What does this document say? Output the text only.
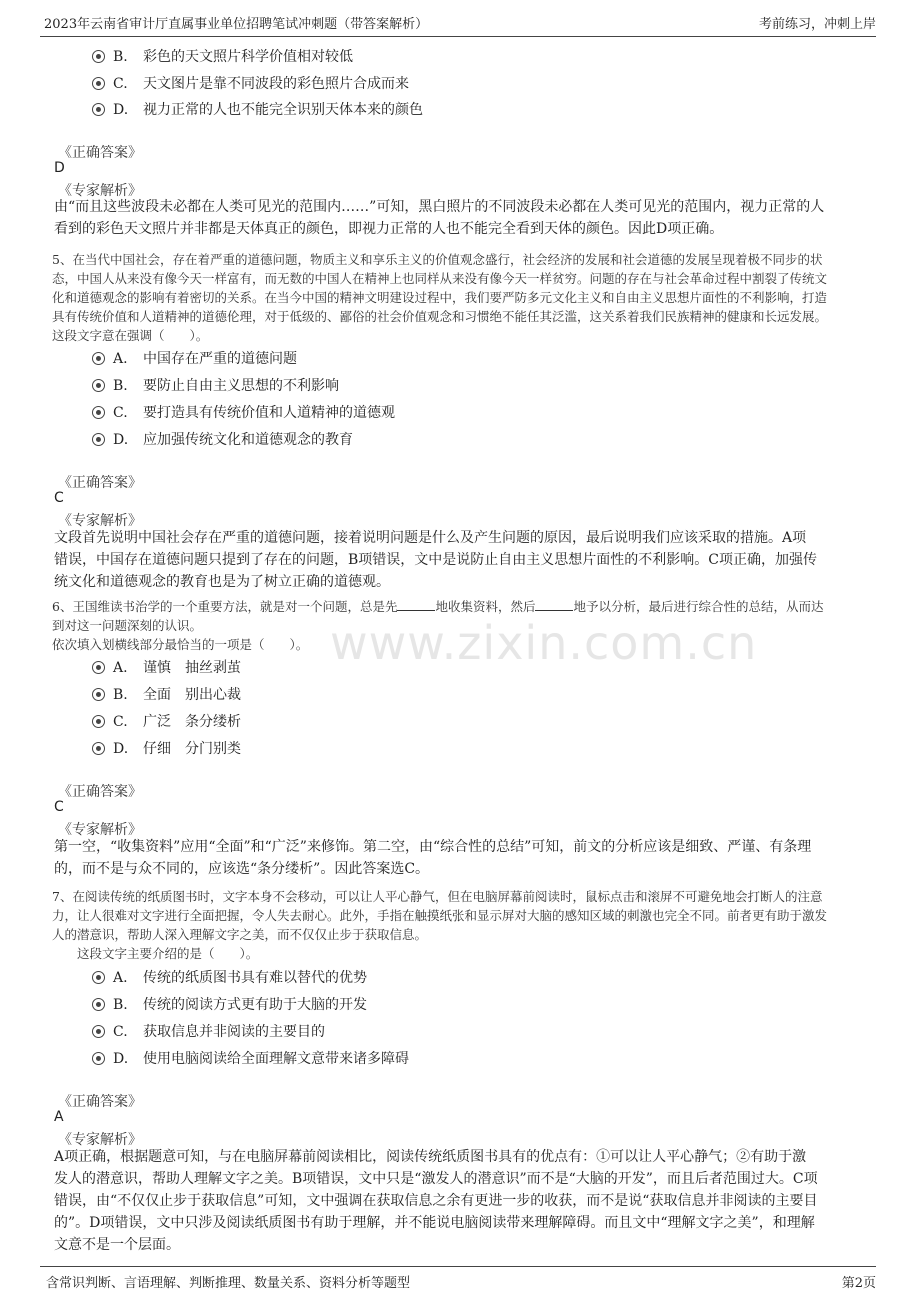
2023年云南省审计厅直属事业单位招聘笔试冲刺题（带答案解析）	考前练习，冲刺上岸
www.zixin.com.cn
B. 彩色的天文照片科学价值相对较低
C. 天文图片是靠不同波段的彩色照片合成而来
D. 视力正常的人也不能完全识别天体本来的颜色
《正确答案》
D
《专家解析》
由“而且这些波段未必都在人类可见光的范围内……”可知，黑白照片的不同波段未必都在人类可见光的范围内，视力正常的人
看到的彩色天文照片并非都是天体真正的颜色，即视力正常的人也不能完全看到天体的颜色。因此D项正确。
5、在当代中国社会，存在着严重的道德问题，物质主义和享乐主义的价值观念盛行，社会经济的发展和社会道德的发展呈现着极不同步的状
态，中国人从来没有像今天一样富有，而无数的中国人在精神上也同样从来没有像今天一样贫穷。问题的存在与社会革命过程中割裂了传统文
化和道德观念的影响有着密切的关系。在当今中国的精神文明建设过程中，我们要严防多元文化主义和自由主义思想片面性的不利影响，打造
具有传统价值和人道精神的道德伦理，对于低级的、鄙俗的社会价值观念和习惯绝不能任其泛滥，这关系着我们民族精神的健康和长远发展。
这段文字意在强调（　　）。
A. 中国存在严重的道德问题
B. 要防止自由主义思想的不利影响
C. 要打造具有传统价值和人道精神的道德观
D. 应加强传统文化和道德观念的教育
《正确答案》
C
《专家解析》
文段首先说明中国社会存在严重的道德问题，接着说明问题是什么及产生问题的原因，最后说明我们应该采取的措施。A项
错误，中国存在道德问题只提到了存在的问题，B项错误，文中是说防止自由主义思想片面性的不利影响。C项正确，加强传
统文化和道德观念的教育也是为了树立正确的道德观。
6、王国维读书治学的一个重要方法，就是对一个问题，总是先	地收集资料，然后	地予以分析，最后进行综合性的总结，从而达
到对这一问题深刻的认识。
依次填入划横线部分最恰当的一项是（　　）。
A. 谨慎　抽丝剥茧
B. 全面　别出心裁
C. 广泛　条分缕析
D. 仔细　分门别类
《正确答案》
C
《专家解析》
第一空，“收集资料”应用“全面”和“广泛”来修饰。第二空，由“综合性的总结”可知，前文的分析应该是细致、严谨、有条理
的，而不是与众不同的，应该选“条分缕析”。因此答案选C。
7、在阅读传统的纸质图书时，文字本身不会移动，可以让人平心静气，但在电脑屏幕前阅读时，鼠标点击和滚屏不可避免地会打断人的注意
力，让人很难对文字进行全面把握，令人失去耐心。此外，手指在触摸纸张和显示屏对大脑的感知区域的刺激也完全不同。前者更有助于激发
人的潜意识，帮助人深入理解文字之美，而不仅仅止步于获取信息。
　　这段文字主要介绍的是（　　）。
A. 传统的纸质图书具有难以替代的优势
B. 传统的阅读方式更有助于大脑的开发
C. 获取信息并非阅读的主要目的
D. 使用电脑阅读给全面理解文意带来诸多障碍
《正确答案》
A
《专家解析》
A项正确，根据题意可知，与在电脑屏幕前阅读相比，阅读传统纸质图书具有的优点有：①可以让人平心静气；②有助于激
发人的潜意识，帮助人理解文字之美。B项错误，文中只是“激发人的潜意识”而不是“大脑的开发”，而且后者范围过大。C项
错误，由“不仅仅止步于获取信息”可知，文中强调在获取信息之余有更进一步的收获，而不是说“获取信息并非阅读的主要目
的”。D项错误，文中只涉及阅读纸质图书有助于理解，并不能说电脑阅读带来理解障碍。而且文中“理解文字之美”，和理解
文意不是一个层面。
含常识判断、言语理解、判断推理、数量关系、资料分析等题型	第2页
